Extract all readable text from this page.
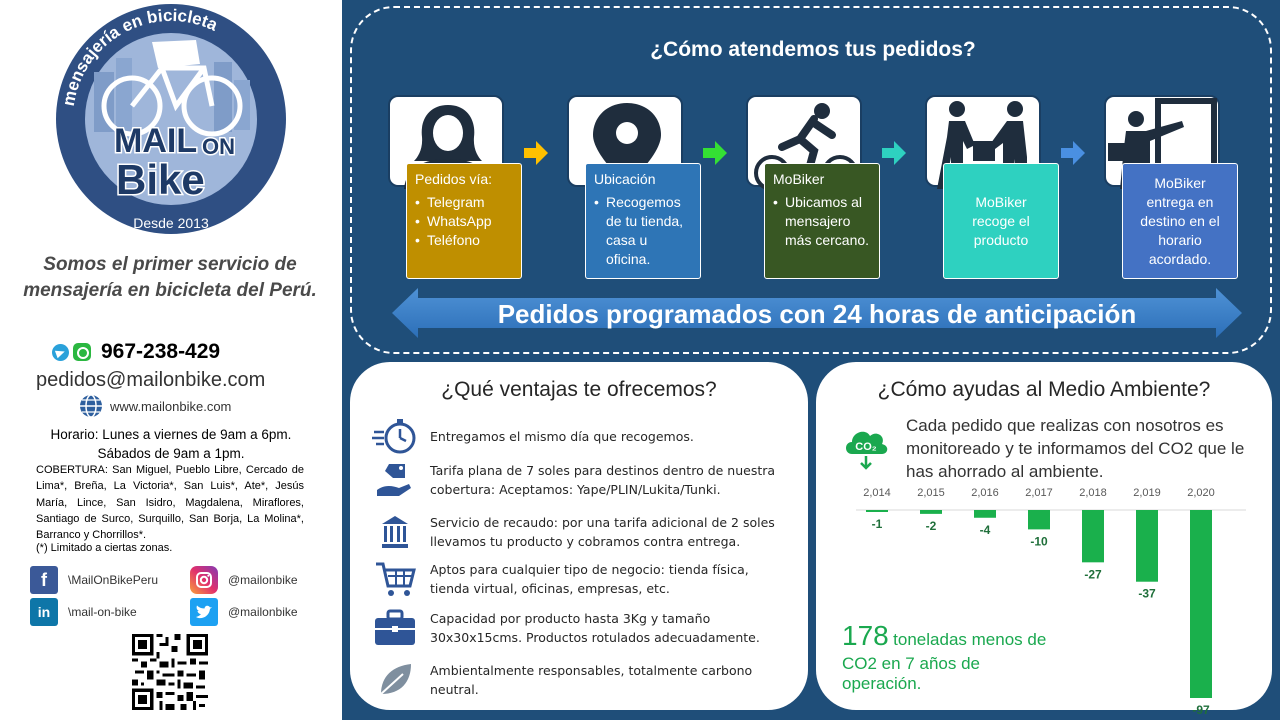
MAIL ON
Bike
mensajería en bicicleta
Desde 2013
Somos el primer servicio de mensajería en bicicleta del Perú.
967-238-429
pedidos@mailonbike.com
www.mailonbike.com
Horario: Lunes a viernes de 9am a 6pm.
Sábados de 9am a 1pm.
COBERTURA: San Miguel, Pueblo Libre, Cercado de Lima*, Breña, La Victoria*, San Luis*, Ate*, Jesús María, Lince, San Isidro, Magdalena, Miraflores, Santiago de Surco, Surquillo, San Borja, La Molina*, Barranco y Chorrillos*.
(*) Limitado a ciertas zonas.
f	\MailOnBikePeru	@mailonbike
in	\mail-on-bike	@mailonbike
¿Cómo atendemos tus pedidos?
Pedidos vía:
• Telegram
• WhatsApp
• Teléfono
Ubicación
• Recogemos de tu tienda, casa u oficina.
MoBiker
• Ubicamos al mensajero más cercano.
MoBiker recoge el producto
MoBiker entrega en destino en el horario acordado.
Pedidos programados con 24 horas de anticipación
¿Qué ventajas te ofrecemos?
Entregamos el mismo día que recogemos.
Tarifa plana de 7 soles para destinos dentro de nuestra cobertura: Aceptamos: Yape/PLIN/Lukita/Tunki.
Servicio de recaudo: por una tarifa adicional de 2 soles llevamos tu producto y cobramos contra entrega.
Aptos para cualquier tipo de negocio: tienda física, tienda virtual, oficinas, empresas, etc.
Capacidad por producto hasta 3Kg y tamaño 30x30x15cms. Productos rotulados adecuadamente.
Ambientalmente responsables, totalmente carbono neutral.
¿Cómo ayudas al Medio Ambiente?
CO₂
Cada pedido que realizas con nosotros es monitoreado y te informamos del CO2 que le has ahorrado al ambiente.
2,014
-1
2,015
-2
2,016
-4
2,017
-10
2,018
-27
2,019
-37
2,020
-97
178 toneladas menos de
CO2 en 7 años de operación.
